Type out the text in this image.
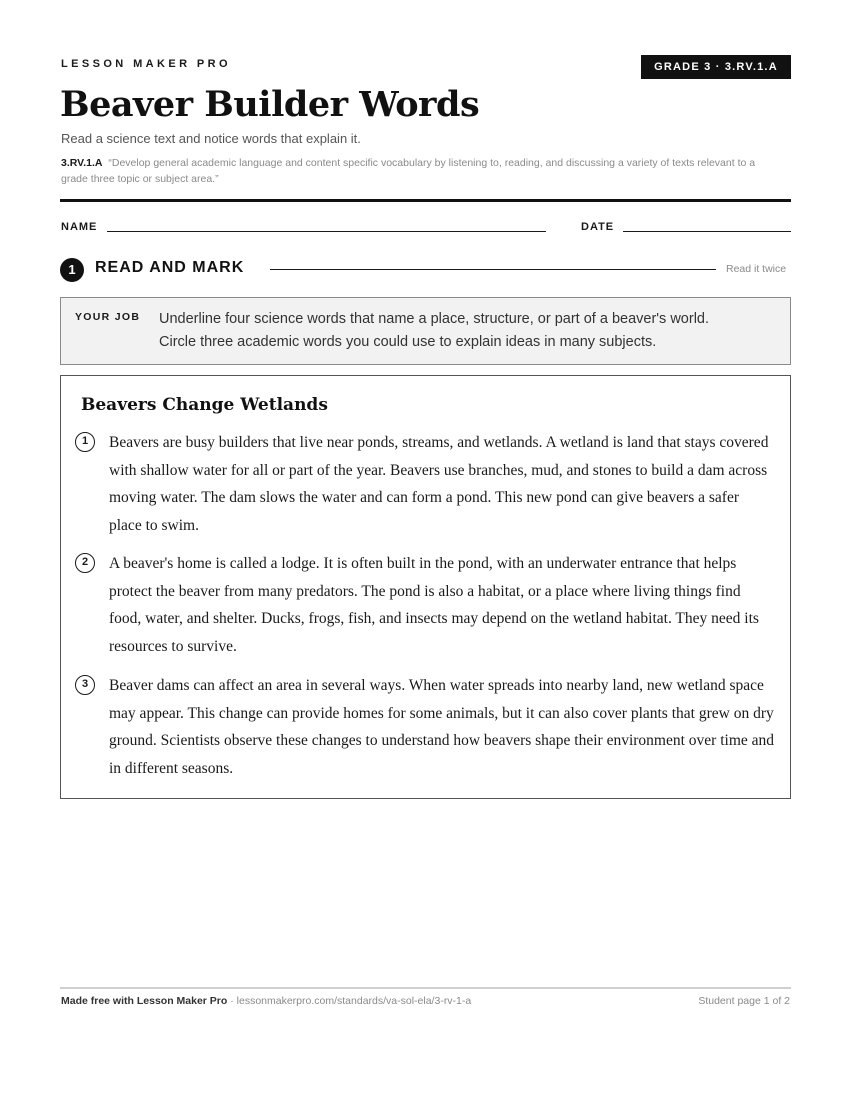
LESSON MAKER PRO	GRADE 3 · 3.RV.1.A
Beaver Builder Words
Read a science text and notice words that explain it.
3.RV.1.A “Develop general academic language and content specific vocabulary by listening to, reading, and discussing a variety of texts relevant to a grade three topic or subject area.”
NAME	DATE
1	READ AND MARK	Read it twice
YOUR JOB Underline four science words that name a place, structure, or part of a beaver's world.
Circle three academic words you could use to explain ideas in many subjects.
Beavers Change Wetlands
1	Beavers are busy builders that live near ponds, streams, and wetlands. A wetland is land that stays covered with shallow water for all or part of the year. Beavers use branches, mud, and stones to build a dam across moving water. The dam slows the water and can form a pond. This new pond can give beavers a safer place to swim.
2	A beaver's home is called a lodge. It is often built in the pond, with an underwater entrance that helps protect the beaver from many predators. The pond is also a habitat, or a place where living things find food, water, and shelter. Ducks, frogs, fish, and insects may depend on the wetland habitat. They need its resources to survive.
3	Beaver dams can affect an area in several ways. When water spreads into nearby land, new wetland space may appear. This change can provide homes for some animals, but it can also cover plants that grew on dry ground. Scientists observe these changes to understand how beavers shape their environment over time and in different seasons.
Made free with Lesson Maker Pro · lessonmakerpro.com/standards/va-sol-ela/3-rv-1-a	Student page 1 of 2
